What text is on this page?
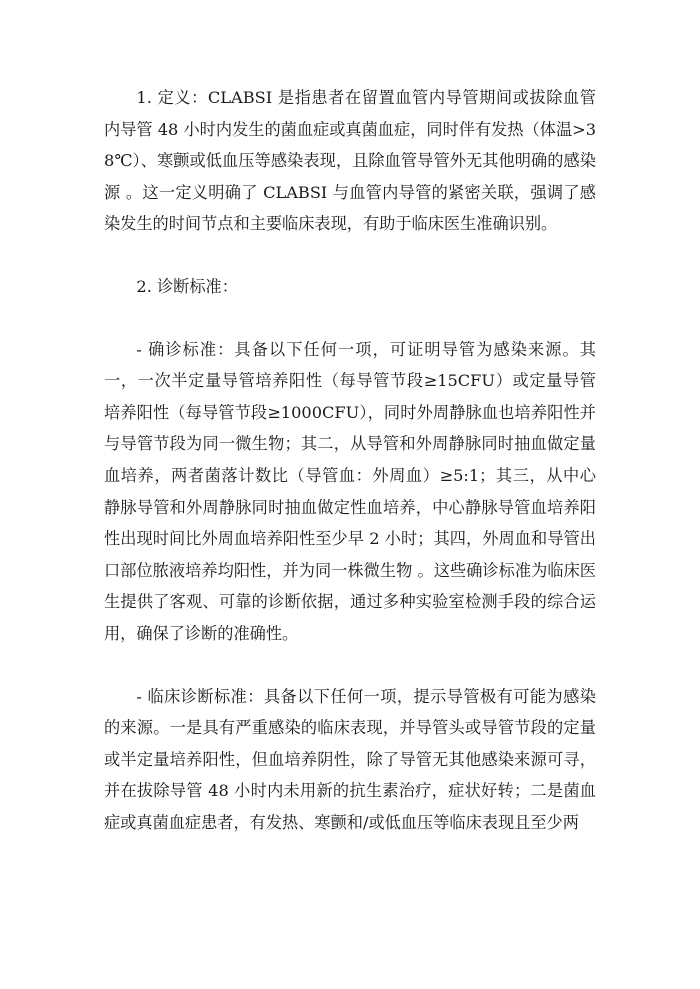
1. 定义：CLABSI 是指患者在留置血管内导管期间或拔除血管内导管 48 小时内发生的菌血症或真菌血症，同时伴有发热（体温>38℃）、寒颤或低血压等感染表现，且除血管导管外无其他明确的感染源 。这一定义明确了 CLABSI 与血管内导管的紧密关联，强调了感染发生的时间节点和主要临床表现，有助于临床医生准确识别。

2. 诊断标准：

- 确诊标准：具备以下任何一项，可证明导管为感染来源。其一，一次半定量导管培养阳性（每导管节段≥15CFU）或定量导管培养阳性（每导管节段≥1000CFU），同时外周静脉血也培养阳性并与导管节段为同一微生物；其二，从导管和外周静脉同时抽血做定量血培养，两者菌落计数比（导管血：外周血）≥5:1；其三，从中心静脉导管和外周静脉同时抽血做定性血培养，中心静脉导管血培养阳性出现时间比外周血培养阳性至少早 2 小时；其四，外周血和导管出口部位脓液培养均阳性，并为同一株微生物 。这些确诊标准为临床医生提供了客观、可靠的诊断依据，通过多种实验室检测手段的综合运用，确保了诊断的准确性。

- 临床诊断标准：具备以下任何一项，提示导管极有可能为感染的来源。一是具有严重感染的临床表现，并导管头或导管节段的定量或半定量培养阳性，但血培养阴性，除了导管无其他感染来源可寻，并在拔除导管 48 小时内未用新的抗生素治疗，症状好转；二是菌血症或真菌血症患者，有发热、寒颤和/或低血压等临床表现且至少两
